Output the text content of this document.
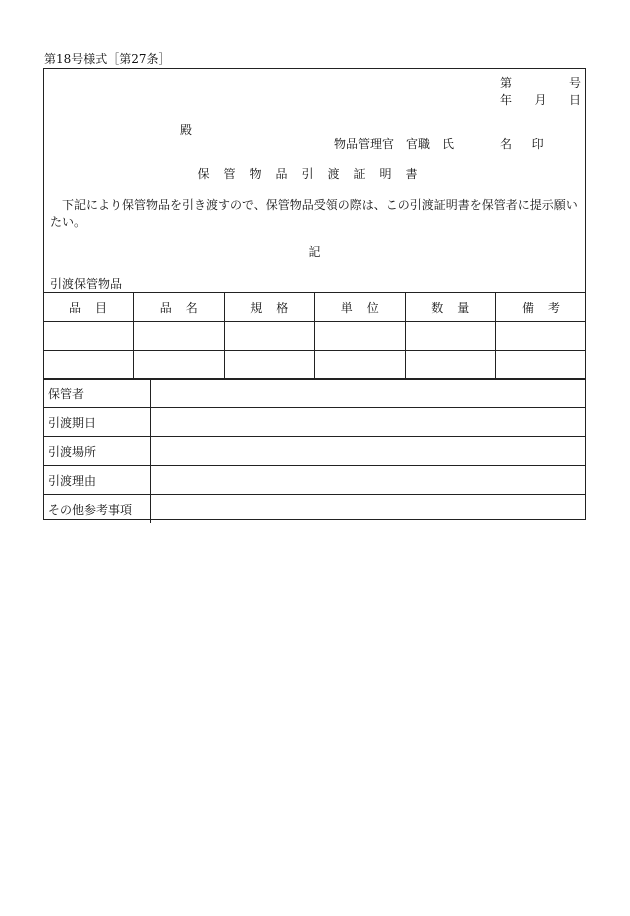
第18号様式［第27条］
第	号
年 月 日
殿
物品管理官　官職　氏	名 印
保管物品引渡証明書
下記により保管物品を引き渡すので、保管物品受領の際は、この引渡証明書を保管者に提示願いたい。
記
引渡保管物品
品目	品名	規格	単位	数量	備考

保管者	
引渡期日	
引渡場所	
引渡理由	
その他参考事項	
